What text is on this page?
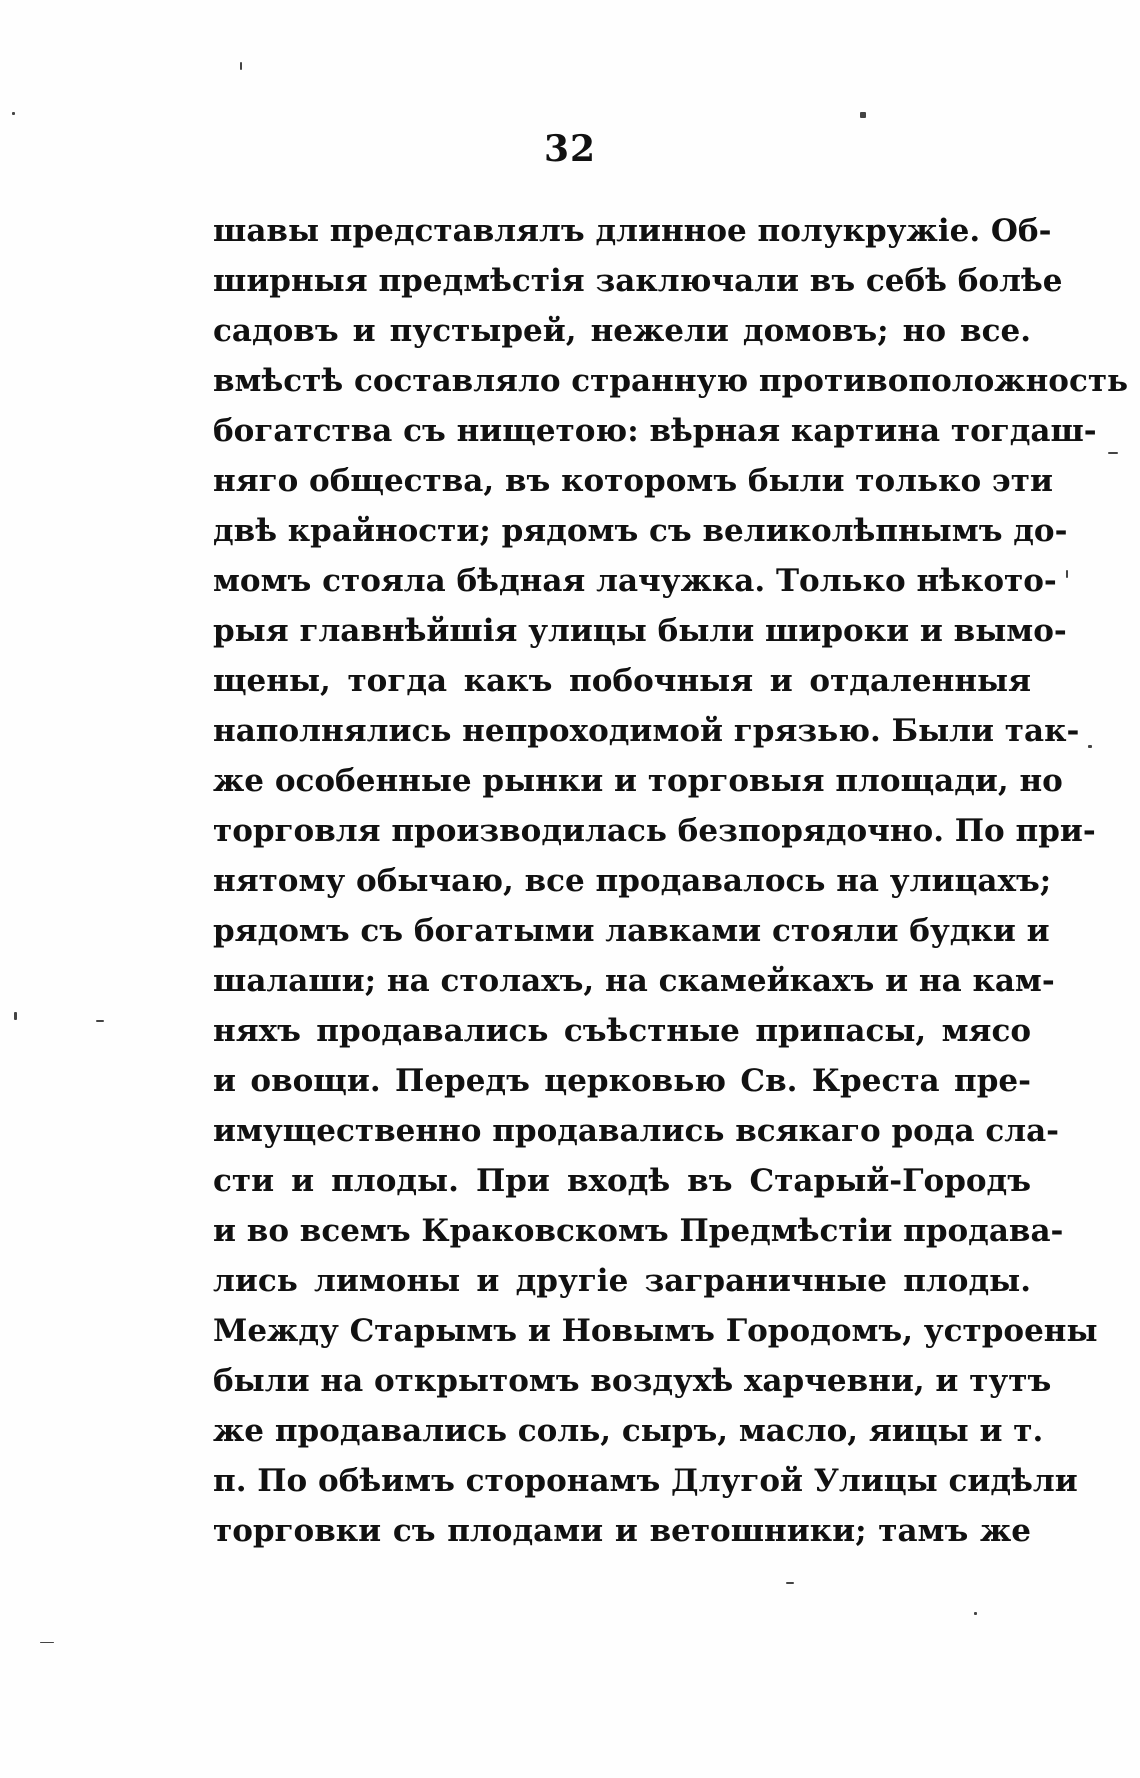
32
шавы представлялъ длинное полукружіе. Об-
ширныя предмѣстія заключали въ себѣ болѣе
садовъ и пустырей, нежели домовъ; но все.
вмѣстѣ составляло странную противоположность
богатства съ нищетою: вѣрная картина тогдаш-
няго общества, въ которомъ были только эти
двѣ крайности; рядомъ съ великолѣпнымъ до-
момъ стояла бѣдная лачужка. Только нѣкото-
рыя главнѣйшія улицы были широки и вымо-
щены, тогда какъ побочныя и отдаленныя
наполнялись непроходимой грязью. Были так-
же особенные рынки и торговыя площади, но
торговля производилась безпорядочно. По при-
нятому обычаю, все продавалось на улицахъ;
рядомъ съ богатыми лавками стояли будки и
шалаши; на столахъ, на скамейкахъ и на кам-
няхъ продавались съѣстные припасы, мясо
и овощи. Передъ церковью Св. Креста пре-
имущественно продавались всякаго рода сла-
сти и плоды. При входѣ въ Старый-Городъ
и во всемъ Краковскомъ Предмѣстіи продава-
лись лимоны и другіе заграничные плоды.
Между Старымъ и Новымъ Городомъ, устроены
были на открытомъ воздухѣ харчевни, и тутъ
же продавались соль, сыръ, масло, яицы и т.
п. По обѣимъ сторонамъ Длугой Улицы сидѣли
торговки съ плодами и ветошники; тамъ же
